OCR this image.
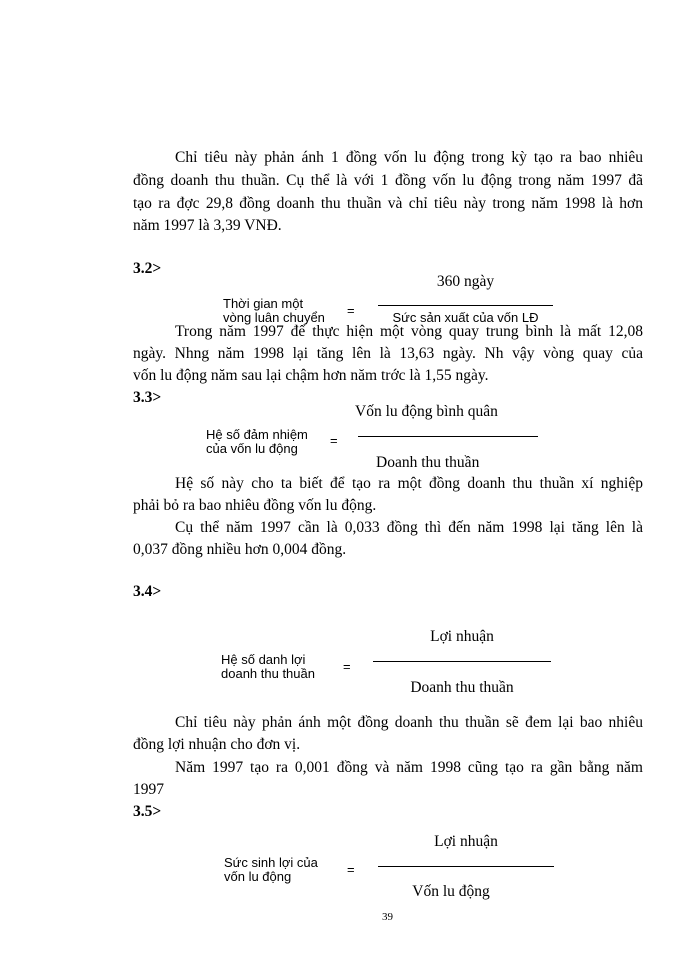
Chỉ tiêu này phản ánh 1 đồng vốn lu động trong kỳ tạo ra bao nhiêu
đồng doanh thu thuần. Cụ thể là với 1 đồng vốn lu động trong năm 1997 đã
tạo ra đợc 29,8 đồng doanh thu thuần và chỉ tiêu này trong năm 1998 là hơn
năm 1997 là 3,39 VNĐ.
3.2>
360 ngày
Thời gian một
vòng luân chuyển =	Sức sản xuất của vốn LĐ
Trong năm 1997 để thực hiện một vòng quay trung bình là mất 12,08
ngày. Nhng năm 1998 lại tăng lên là 13,63 ngày. Nh vậy vòng quay của
vốn lu động năm sau lại chậm hơn năm trớc là 1,55 ngày.
3.3>
Vốn lu động bình quân
Hệ số đảm nhiệm
của vốn lu động
=
Doanh thu thuần
Hệ số này cho ta biết để tạo ra một đồng doanh thu thuần xí nghiệp
phải bỏ ra bao nhiêu đồng vốn lu động.
Cụ thể năm 1997 cần là 0,033 đồng thì đến năm 1998 lại tăng lên là
0,037 đồng nhiều hơn 0,004 đồng.
3.4>
Lợi nhuận
Hệ số danh lợi
doanh thu thuần =
Doanh thu thuần
Chỉ tiêu này phản ánh một đồng doanh thu thuần sẽ đem lại bao nhiêu
đồng lợi nhuận cho đơn vị.
Năm 1997 tạo ra 0,001 đồng và năm 1998 cũng tạo ra gần bằng năm
1997
3.5>
Lợi nhuận
Sức sinh lợi của
vốn lu động	=
Vốn lu động
39
